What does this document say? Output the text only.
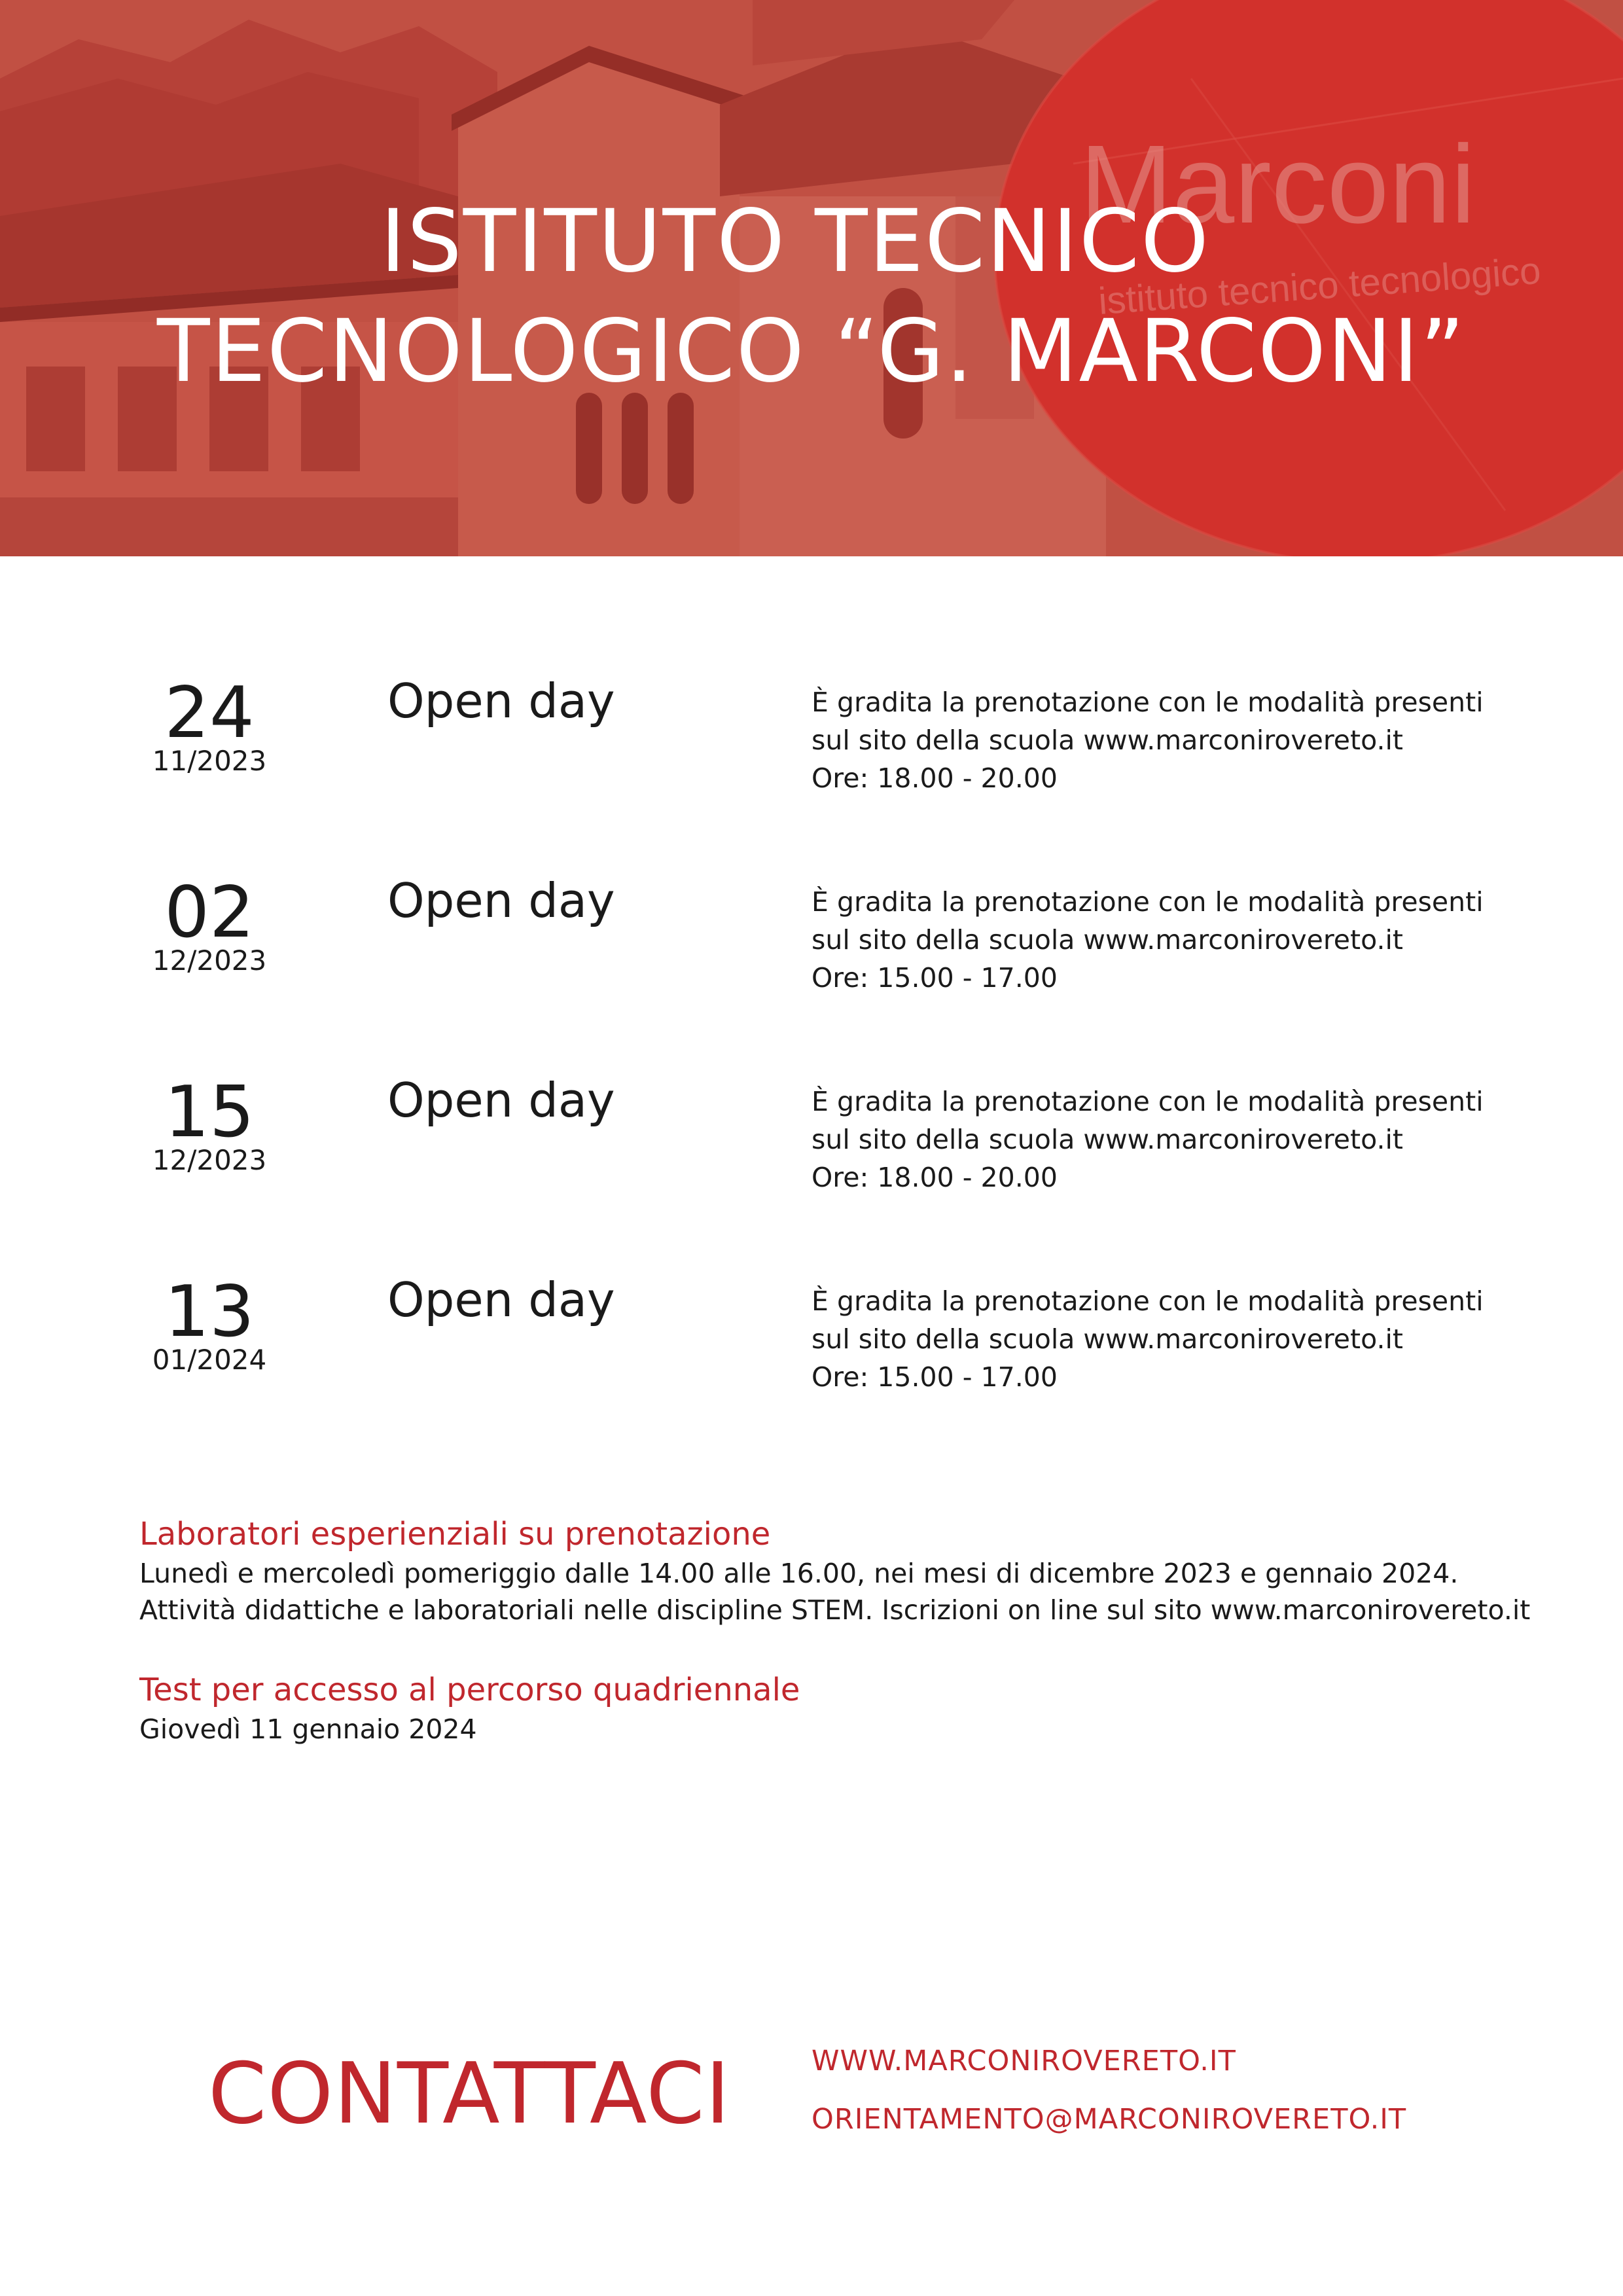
Marconi
istituto tecnico tecnologico
ISTITUTO TECNICO
TECNOLOGICO “G. MARCONI”
24
11/2023
Open day	È gradita la prenotazione con le modalità presenti
sul sito della scuola www.marconirovereto.it
Ore: 18.00 - 20.00
02
12/2023
Open day	È gradita la prenotazione con le modalità presenti
sul sito della scuola www.marconirovereto.it
Ore: 15.00 - 17.00
15
12/2023
Open day	È gradita la prenotazione con le modalità presenti
sul sito della scuola www.marconirovereto.it
Ore: 18.00 - 20.00
13
01/2024
Open day	È gradita la prenotazione con le modalità presenti
sul sito della scuola www.marconirovereto.it
Ore: 15.00 - 17.00
Laboratori esperienziali su prenotazione
Lunedì e mercoledì pomeriggio dalle 14.00 alle 16.00, nei mesi di dicembre 2023 e gennaio 2024.
Attività didattiche e laboratoriali nelle discipline STEM. Iscrizioni on line sul sito www.marconirovereto.it
Test per accesso al percorso quadriennale
Giovedì 11 gennaio 2024
CONTATTACI	WWW.MARCONIROVERETO.IT
ORIENTAMENTO@MARCONIROVERETO.IT
